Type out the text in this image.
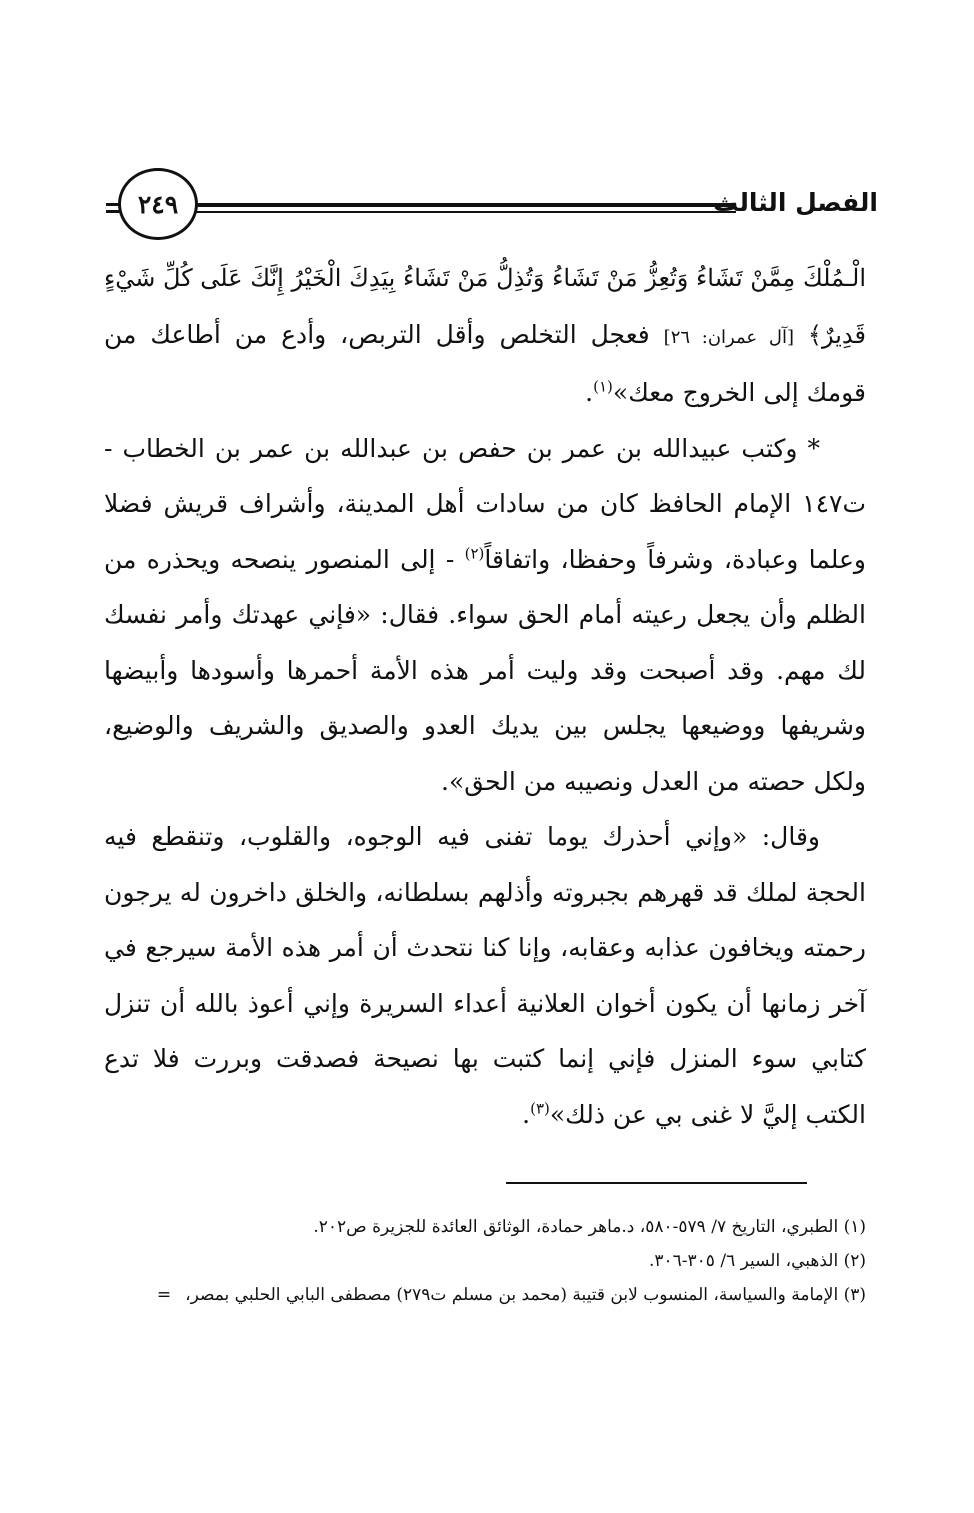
الفصل الثالث
٢٤٩

الْـمُلْكَ مِمَّنْ تَشَاءُ وَتُعِزُّ مَنْ تَشَاءُ وَتُذِلُّ مَنْ تَشَاءُ بِيَدِكَ الْخَيْرُ إِنَّكَ عَلَى كُلِّ شَيْءٍ قَدِيرٌ﴾ [آل عمران: ٢٦] فعجل التخلص وأقل التربص، وأدع من أطاعك من قومك إلى الخروج معك»$^{(١)}$.

* وكتب عبيدالله بن عمر بن حفص بن عبدالله بن عمر بن الخطاب - ت١٤٧ الإمام الحافظ كان من سادات أهل المدينة، وأشراف قريش فضلا وعلما وعبادة، وشرفاً وحفظا، واتفاقاً$^{(٢)}$ - إلى المنصور ينصحه ويحذره من الظلم وأن يجعل رعيته أمام الحق سواء. فقال: «فإني عهدتك وأمر نفسك لك مهم. وقد أصبحت وقد وليت أمر هذه الأمة أحمرها وأسودها وأبيضها وشريفها ووضيعها يجلس بين يديك العدو والصديق والشريف والوضيع، ولكل حصته من العدل ونصيبه من الحق».

وقال: «وإني أحذرك يوما تفنى فيه الوجوه، والقلوب، وتنقطع فيه الحجة لملك قد قهرهم بجبروته وأذلهم بسلطانه، والخلق داخرون له يرجون رحمته ويخافون عذابه وعقابه، وإنا كنا نتحدث أن أمر هذه الأمة سيرجع في آخر زمانها أن يكون أخوان العلانية أعداء السريرة وإني أعوذ بالله أن تنزل كتابي سوء المنزل فإني إنما كتبت بها نصيحة فصدقت وبررت فلا تدع الكتب إليَّ لا غنى بي عن ذلك»$^{(٣)}$.

(١) الطبري، التاريخ ٧/ ٥٧٩-٥٨٠، د.ماهر حمادة، الوثائق العائدة للجزيرة ص٢٠٢.

(٢) الذهبي، السير ٦/ ٣٠٥-٣٠٦.

(٣) الإمامة والسياسة، المنسوب لابن قتيبة (محمد بن مسلم ت٢٧٩) مصطفى البابي الحلبي بمصر،=
